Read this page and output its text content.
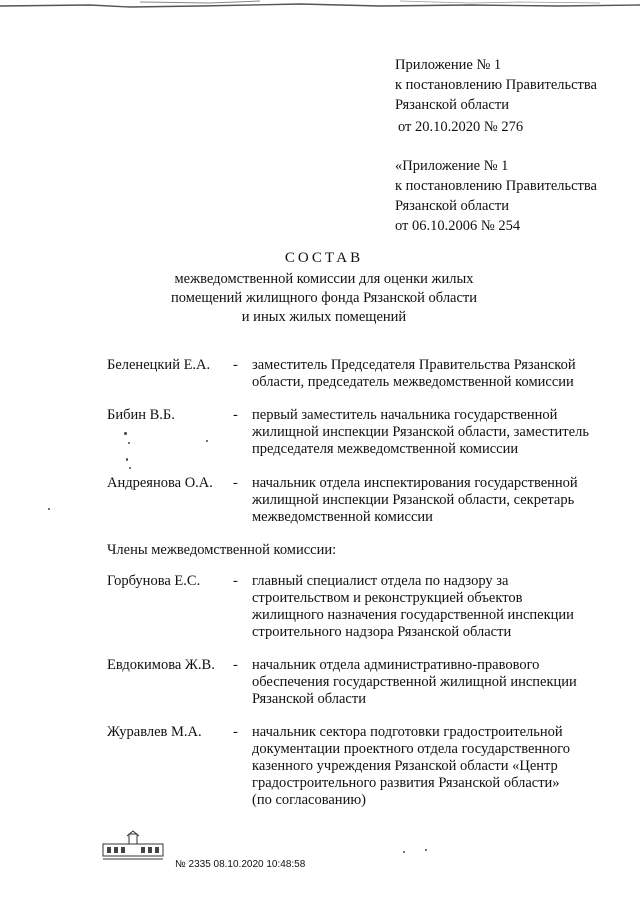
Приложение № 1
к постановлению Правительства
Рязанской области
от 20.10.2020 № 276
«Приложение № 1
к постановлению Правительства
Рязанской области
от 06.10.2006 № 254
СОСТАВ
межведомственной комиссии для оценки жилых
помещений жилищного фонда Рязанской области
и иных жилых помещений
Беленецкий Е.А. - заместитель Председателя Правительства Рязанской
области, председатель межведомственной комиссии
Бибин В.Б.	- первый заместитель начальника государственной
жилищной инспекции Рязанской области, заместитель
председателя межведомственной комиссии
Андреянова О.А. - начальник отдела инспектирования государственной
жилищной инспекции Рязанской области, секретарь
межведомственной комиссии
Члены межведомственной комиссии:
Горбунова Е.С. - главный специалист отдела по надзору за
строительством и реконструкцией объектов
жилищного назначения государственной инспекции
строительного надзора Рязанской области
Евдокимова Ж.В. - начальник отдела административно-правового
обеспечения государственной жилищной инспекции
Рязанской области
Журавлев М.А. - начальник сектора подготовки градостроительной
документации проектного отдела государственного
казенного учреждения Рязанской области «Центр
градостроительного развития Рязанской области»
(по согласованию)
№ 2335 08.10.2020 10:48:58
